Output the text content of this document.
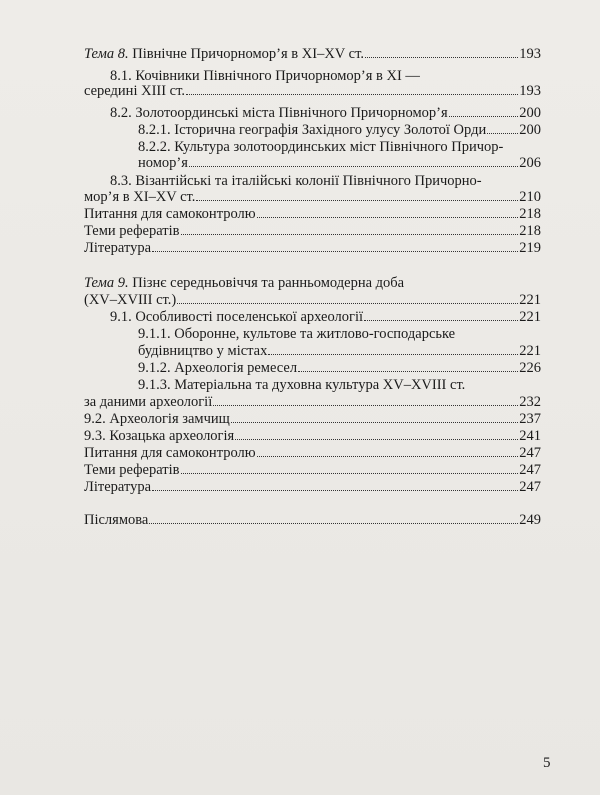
Тема 8. Північне Причорномор’я в XI–XV ст.	193
8.1. Кочівники Північного Причорномор’я в XI —
середині XIII ст.	193
8.2. Золотоординські міста Північного Причорномор’я	200
8.2.1. Історична географія Західного улусу Золотої Орди 200
8.2.2. Культура золотоординських міст Північного Причор-
номор’я	206
8.3. Візантійські та італійські колонії Північного Причорно-
мор’я в XI–XV ст.	210
Питання для самоконтролю	218
Теми рефератів	218
Література	219
Тема 9. Пізнє середньовіччя та ранньомодерна доба
(XV–XVIII ст.)	221
9.1. Особливості поселенської археології	221
9.1.1. Оборонне, культове та житлово-господарське
будівництво у містах	221
9.1.2. Археологія ремесел	226
9.1.3. Матеріальна та духовна культура XV–XVIII ст.
за даними археології	232
9.2. Археологія замчищ	237
9.3. Козацька археологія	241
Питання для самоконтролю	247
Теми рефератів	247
Література	247
Післямова	249
5
